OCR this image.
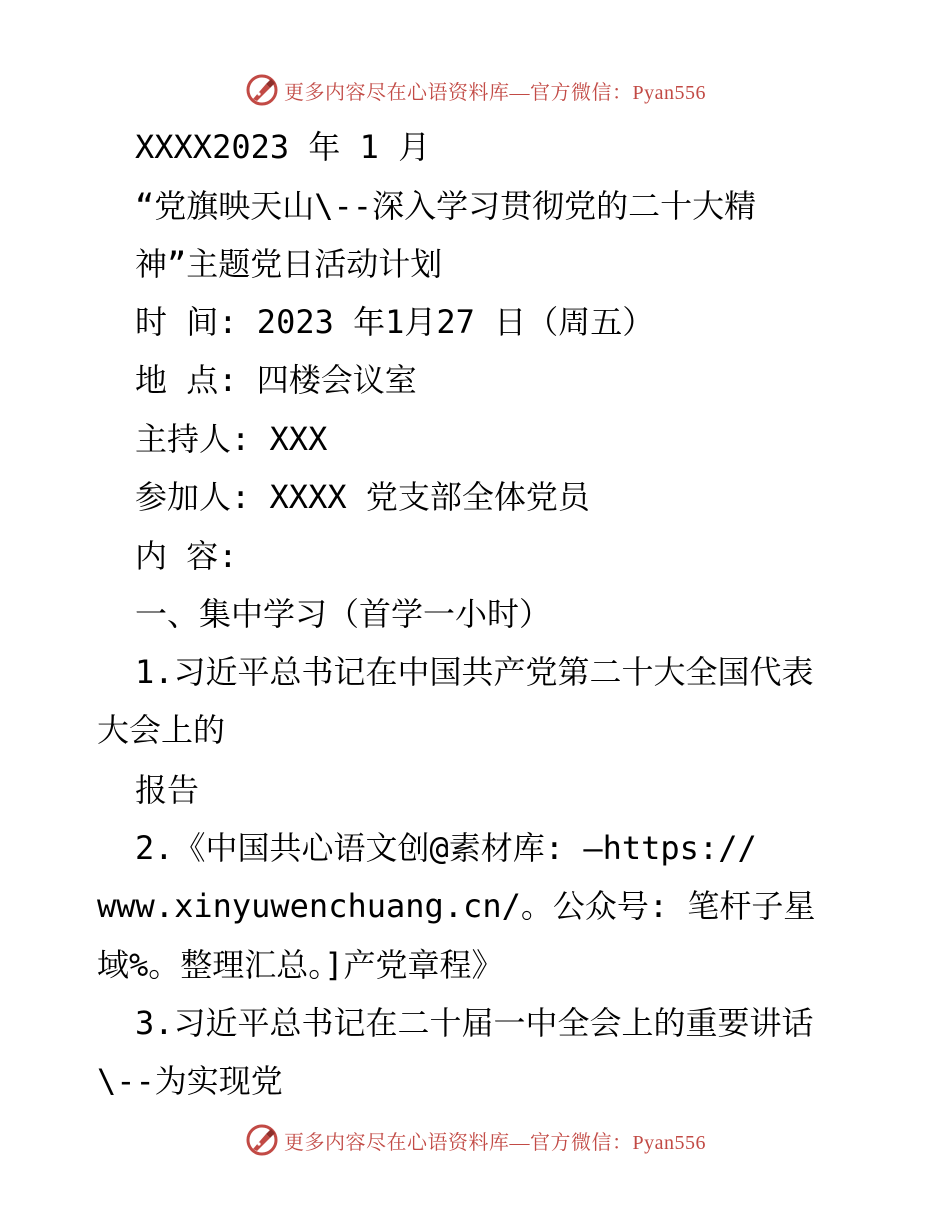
更多内容尽在心语资料库—官方微信：Pyan556
XXXX2023 年 1 月
“党旗映天山\--深入学习贯彻党的二十大精
神”主题党日活动计划
时 间: 2023 年1月27 日（周五）
地 点: 四楼会议室
主持人: XXX
参加人: XXXX 党支部全体党员
内 容:
一、集中学习（首学一小时）
1.习近平总书记在中国共产党第二十大全国代表
大会上的
报告
2.《中国共心语文创@素材库: —https://
www.xinyuwenchuang.cn/。公众号: 笔杆子星
域%。整理汇总。]产党章程》
3.习近平总书记在二十届一中全会上的重要讲话
\--为实现党
更多内容尽在心语资料库—官方微信：Pyan556
